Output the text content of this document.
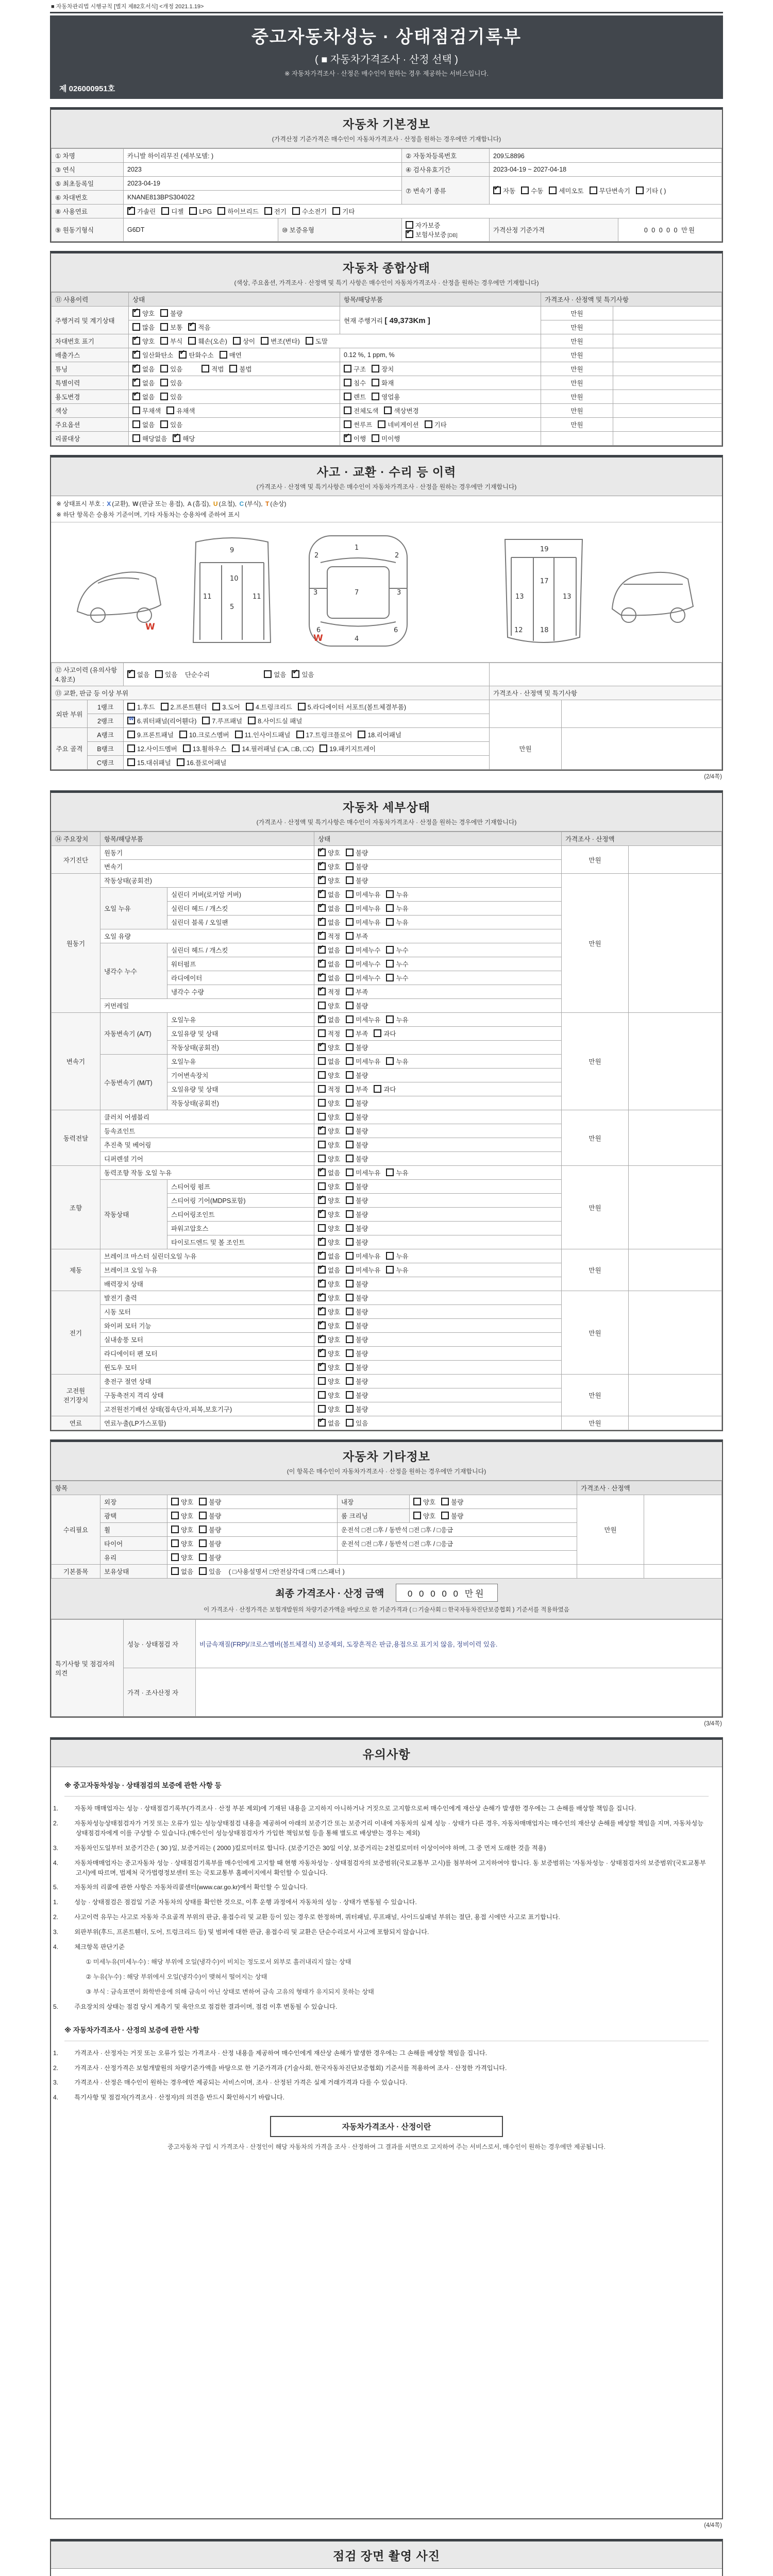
■ 자동차관리법 시행규칙 [별지 제82호서식] <개정 2021.1.19>
중고자동차성능 · 상태점검기록부
( ■ 자동차가격조사 · 산정 선택 )
※ 자동차가격조사 · 산정은 매수인이 원하는 경우 제공하는 서비스입니다.
제 026000951호
자동차 기본정보
(가격산정 기준가격은 매수인이 자동차가격조사 · 산정을 원하는 경우에만 기재합니다)
① 차명	카니발 하이리무진 (세부모델: )		② 자동차등록번호	209도8896	
③ 연식	2023		④ 검사유효기간	2023-04-19 ~ 2027-04-18	
⑤ 최초등록일	2023-04-19		⑦ 변속기 종류	✔자동 수동 세미오토 무단변속기 기타 ( )
⑥ 차대번호	KNANE813BPS304022				
⑧ 사용연료	✔가솔린 디젤 LPG 하이브리드 전기 수소전기 기타
⑨ 원동기형식	G6DT	⑩ 보증유형	자가보증✔보험사보증 [DB]	가격산정 기준가격	0 0 0 0 0 만원
자동차 종합상태
(색상, 주요옵션, 가격조사 · 산정액 및 특기 사항은 매수인이 자동차가격조사 · 산정을 원하는 경우에만 기재합니다)
⑪ 사용이력	상태	항목/해당부품	가격조사 · 산정액 및 특기사항	
주행거리 및 계기상태	✔양호 불량	현재 주행거리 [ 49,373Km ]	만원	
	많음 보통 ✔ 적음		만원	
차대번호 표기	✔양호 부식 훼손(오손) 상이 변조(변타) 도말		만원	
배출가스	✔일산화탄소 ✔ 탄화수소 매연	0.12 %, 1 ppm, %	만원	
튜닝	✔없음 있음 적법 불법	구조 장치	만원	
특별이력	✔없음 있음	침수 화재	만원	
용도변경	✔없음 있음	렌트 영업용	만원	
색상	무채색 유채색	전체도색 색상변경	만원	
주요옵션	없음 있음	썬루프 네비게이션 기타	만원	
리콜대상	해당없음 ✔ 해당	✔이행 미이행		
사고 · 교환 · 수리 등 이력
(가격조사 · 산정액 및 특기사항은 매수인이 자동차가격조사 · 산정을 원하는 경우에만 기재합니다)
※ 상태표시 부호 : X (교환), W (판금 또는 용접), A (흠집), U (요철), C (부식), T (손상)
※ 하단 항목은 승용차 기준이며, 기타 자동차는 승용차에 준하여 표시
9
10
11	11
5
1
7
2	2
3	3
6	6
4
19
17
13	13
18
12
W
W
⑫ 사고이력 (유의사항 4.참조)	✔없음 있음 단순수리 없음 ✔ 있음	
⑬ 교환, 판금 등 이상 부위			가격조사 · 산정액 및 특기사항	
외판 부위	1랭크	1.후드 2.프론트휀더 3.도어 4.트렁크리드 5.라디에이터 서포트(볼트체결부품)		
	2랭크	W6.쿼터패널(리어휀다) 7.루프패널 8.사이드실 패널
주요 골격	A랭크	9.프론트패널 10.크로스멤버 11.인사이드패널 17.트렁크플로어 18.리어패널	만원	
	B랭크	12.사이드멤버 13.휠하우스 14.필러패널 (□A, □B, □C) 19.패키지트레이		
	C랭크	15.대쉬패널 16.플로어패널		
(2/4쪽)
자동차 세부상태
(가격조사 · 산정액 및 특기사항은 매수인이 자동차가격조사 · 산정을 원하는 경우에만 기재합니다)
⑭ 주요장치	항목/해당부품		상태	가격조사 · 산정액	
자기진단	원동기	✔양호 불량	만원	
	변속기	✔양호 불량
원동기	작동상태(공회전)	✔양호 불량	만원	
	오일 누유	실린더 커버(로커암 커버)	✔없음 미세누유 누유
		실린더 헤드 / 개스킷	✔없음 미세누유 누유
		실린더 블록 / 오일팬	✔없음 미세누유 누유
	오일 유량	✔적정 부족
	냉각수 누수	실린더 헤드 / 개스킷	✔없음 미세누수 누수
		워터펌프	✔없음 미세누수 누수
		라디에이터	✔없음 미세누수 누수
		냉각수 수량	✔적정 부족
	커먼레일		양호 불량		
변속기	자동변속기 (A/T)	오일누유	✔없음 미세누유 누유	만원	
		오일유량 및 상태	적정 부족 과다		
		작동상태(공회전)	✔양호 불량
	수동변속기 (M/T)	오일누유	없음 미세누유 누유		
		기어변속장치	양호 불량		
		오일유량 및 상태	적정 부족 과다		
		작동상태(공회전)	양호 불량		
동력전달	클러치 어셈블리		양호 불량	만원	
	등속죠인트	✔양호 불량
	추진축 및 베어링		양호 불량		
	디퍼렌셜 기어		양호 불량		
조향	동력조향 작동 오일 누유	✔없음 미세누유 누유	만원	
	작동상태	스티어링 펌프	양호 불량		
		스티어링 기어(MDPS포함)	✔양호 불량
		스티어링조인트	✔양호 불량
		파워고압호스	양호 불량		
		타이로드엔드 및 볼 조인트	✔양호 불량
제동	브레이크 마스터 실린더오일 누유	✔없음 미세누유 누유	만원	
	브레이크 오일 누유	✔없음 미세누유 누유
	배력장치 상태	✔양호 불량
전기	발전기 출력	✔양호 불량	만원	
	시동 모터	✔양호 불량
	와이퍼 모터 기능	✔양호 불량
	실내송풍 모터	✔양호 불량
	라디에이터 팬 모터	✔양호 불량
	윈도우 모터	✔양호 불량
고전원 전기장치	충전구 절연 상태		양호 불량	만원	
	구동축전지 격리 상태		양호 불량		
	고전원전기배선 상태(접속단자,피복,보호기구)		양호 불량		
연료	연료누출(LP가스포함)	✔없음 있음	만원	
자동차 기타정보
(이 항목은 매수인이 자동차가격조사 · 산정을 원하는 경우에만 기재합니다)
항목					가격조사 · 산정액	
수리필요	외장	양호 불량	내장	양호 불량	만원	
	광택	양호 불량	룸 크리닝	양호 불량		
	휠	양호 불량	운전석 □전 □후 / 동반석 □전 □후 / □응급			
	타이어	양호 불량	운전석 □전 □후 / 동반석 □전 □후 / □응급			
	유리	양호 불량				
기본품목	보유상태	없음 있음 ( □사용설명서 □안전삼각대 □잭 □스패너 )				
최종 가격조사 · 산정 금액	0 0 0 0 0 만원
이 가격조사 · 산정가격은 보험개발원의 차량기준가액을 바탕으로 한 기준가격과 ( □ 기술사회 □ 한국자동차진단보증협회 ) 기준서를 적용하였음
특기사항 및 점검자의 의견	성능 · 상태점검 자	비금속재질(FRP)/크로스멤버(볼트체결식) 보증제외, 도장흔적은 판금,용접으로 표기치 않음, 정비이력 있음.
	가격 · 조사산정 자	
(3/4쪽)
유의사항
※ 중고자동차성능 · 상태점검의 보증에 관한 사항 등
1. 자동차 매매업자는 성능 · 상태점검기록부(가격조사 · 산정 부분 제외)에 기재된 내용을 고지하지 아니하거나 거짓으로 고지함으로써 매수인에게 재산상 손해가 발생한 경우에는 그 손해를 배상할 책임을 집니다.
2. 자동차성능상태점검자가 거짓 또는 오류가 있는 성능상태점검 내용을 제공하여 아래의 보증기간 또는 보증거리 이내에 자동차의 실제 성능 · 상태가 다른 경우, 자동차매매업자는 매수인의 재산상 손해를 배상할 책임을 지며, 자동차성능상태점검자에게 이를 구상할 수 있습니다.(매수인이 성능상태점검자가 가입한 책임보험 등을 통해 별도로 배상받는 경우는 제외)
3. 자동차인도일부터 보증기간은 ( 30 )일, 보증거리는 ( 2000 )킬로미터로 합니다. (보증기간은 30일 이상, 보증거리는 2천킬로미터 이상이어야 하며, 그 중 먼저 도래한 것을 적용)
4. 자동차매매업자는 중고자동차 성능 · 상태점검기록부를 매수인에게 고지할 때 현행 자동차성능 · 상태점검자의 보증범위(국토교통부 고시)를 첨부하여 고지하여야 합니다. 동 보증범위는 '자동차성능 · 상태점검자의 보증범위'(국토교통부 고시)에 따르며, 법제처 국가법령정보센터 또는 국토교통부 홈페이지에서 확인할 수 있습니다.
5. 자동차의 리콜에 관한 사항은 자동차리콜센터(www.car.go.kr)에서 확인할 수 있습니다.
1. 성능 · 상태점검은 점검일 기준 자동차의 상태를 확인한 것으로, 이후 운행 과정에서 자동차의 성능 · 상태가 변동될 수 있습니다.
2. 사고이력 유무는 사고로 자동차 주요골격 부위의 판금, 용접수리 및 교환 등이 있는 경우로 한정하며, 쿼터패널, 루프패널, 사이드실패널 부위는 절단, 용접 시에만 사고로 표기합니다.
3. 외판부위(후드, 프론트휀더, 도어, 트렁크리드 등) 및 범퍼에 대한 판금, 용접수리 및 교환은 단순수리로서 사고에 포함되지 않습니다.
4. 체크항목 판단기준
① 미세누유(미세누수) : 해당 부위에 오일(냉각수)이 비치는 정도로서 외부로 흘러내리지 않는 상태
② 누유(누수) : 해당 부위에서 오일(냉각수)이 맺혀서 떨어지는 상태
③ 부식 : 금속표면이 화학반응에 의해 금속이 아닌 상태로 변하여 금속 고유의 형태가 유지되지 못하는 상태
5. 주요장치의 상태는 점검 당시 계측기 및 육안으로 점검한 결과이며, 점검 이후 변동될 수 있습니다.
※ 자동차가격조사 · 산정의 보증에 관한 사항
1. 가격조사 · 산정자는 거짓 또는 오류가 있는 가격조사 · 산정 내용을 제공하여 매수인에게 재산상 손해가 발생한 경우에는 그 손해를 배상할 책임을 집니다.
2. 가격조사 · 산정가격은 보험개발원의 차량기준가액을 바탕으로 한 기준가격과 (기술사회, 한국자동차진단보증협회) 기준서를 적용하여 조사 · 산정한 가격입니다.
3. 가격조사 · 산정은 매수인이 원하는 경우에만 제공되는 서비스이며, 조사 · 산정된 가격은 실제 거래가격과 다를 수 있습니다.
4. 특기사항 및 점검자(가격조사 · 산정자)의 의견을 반드시 확인하시기 바랍니다.
자동차가격조사 · 산정이란
중고자동차 구입 시 가격조사 · 산정인이 해당 자동차의 가격을 조사 · 산정하여 그 결과를 서면으로 고지하여 주는 서비스로서, 매수인이 원하는 경우에만 제공됩니다.
(4/4쪽)
점검 장면 촬영 사진
